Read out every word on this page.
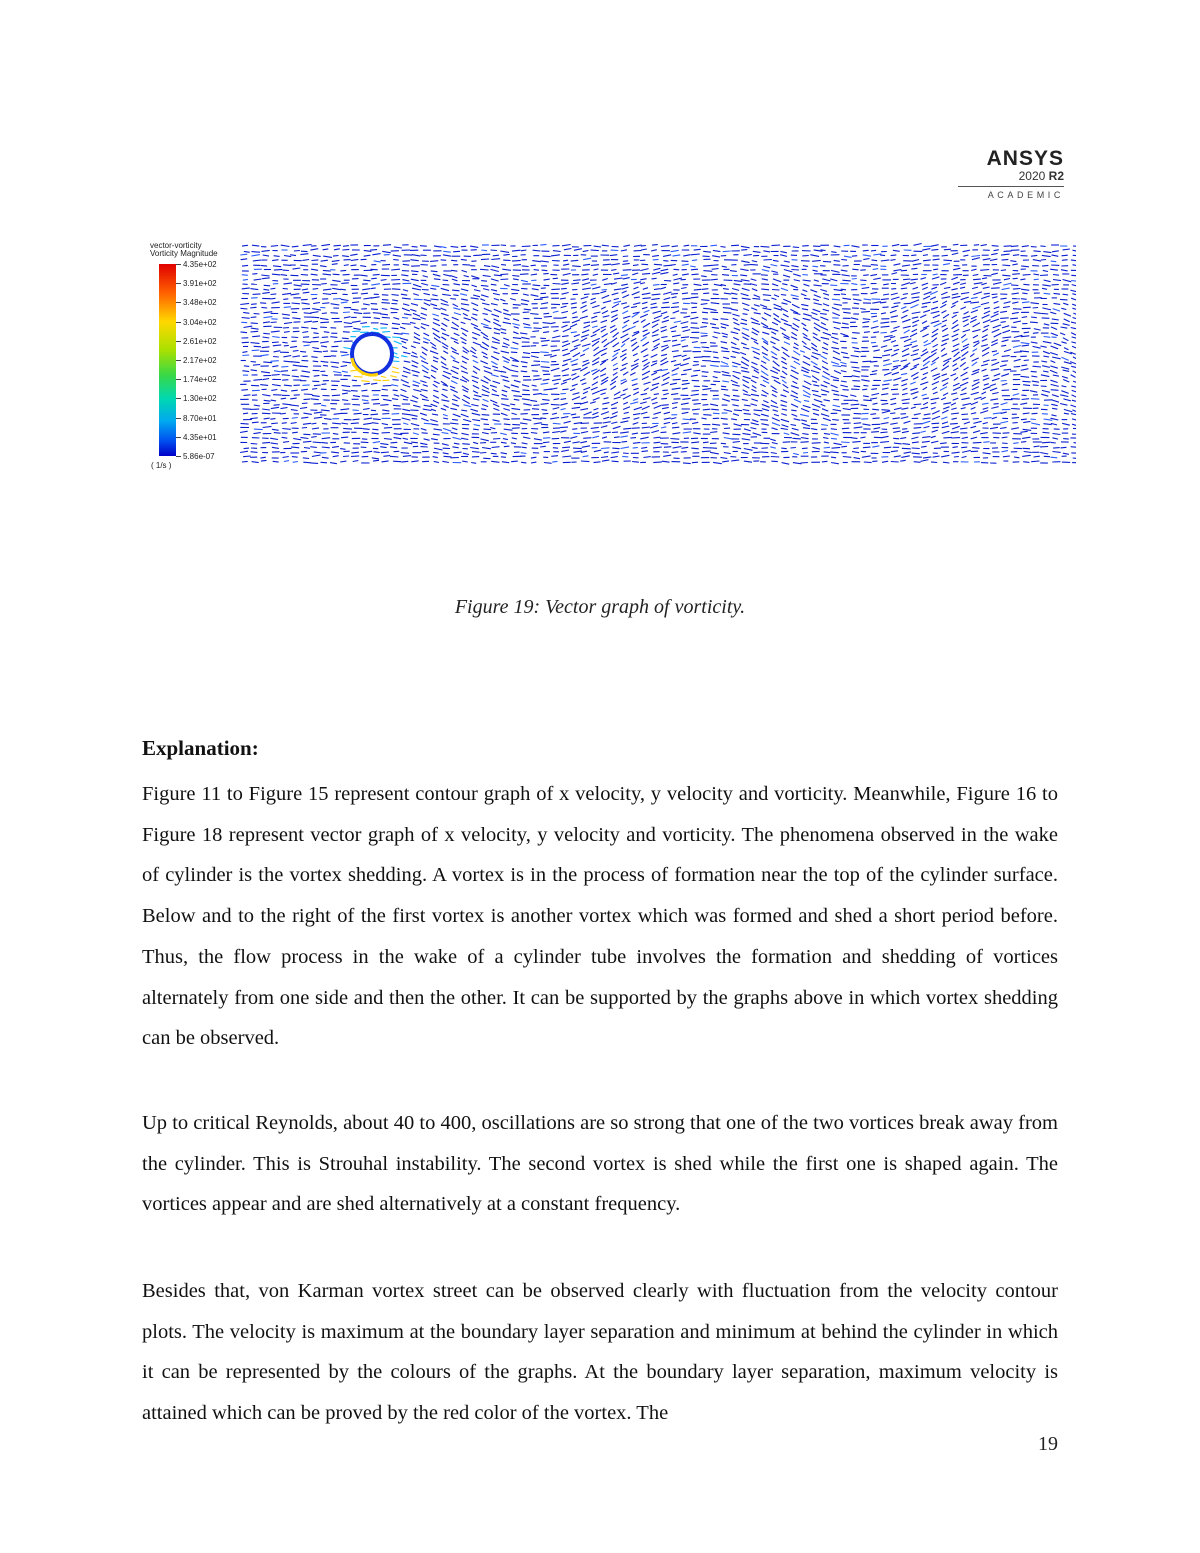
ANSYS
2020 R2
ACADEMIC
vector-vorticity
Vorticity Magnitude
4.35e+02
3.91e+02
3.48e+02
3.04e+02
2.61e+02
2.17e+02
1.74e+02
1.30e+02
8.70e+01
4.35e+01
5.86e-07
( 1/s )
Figure 19: Vector graph of vorticity.
Explanation:

Figure 11 to Figure 15 represent contour graph of x velocity, y velocity and vorticity. Meanwhile, Figure 16 to Figure 18 represent vector graph of x velocity, y velocity and vorticity. The phenomena observed in the wake of cylinder is the vortex shedding. A vortex is in the process of formation near the top of the cylinder surface. Below and to the right of the first vortex is another vortex which was formed and shed a short period before. Thus, the flow process in the wake of a cylinder tube involves the formation and shedding of vortices alternately from one side and then the other. It can be supported by the graphs above in which vortex shedding can be observed.

Up to critical Reynolds, about 40 to 400, oscillations are so strong that one of the two vortices break away from the cylinder. This is Strouhal instability. The second vortex is shed while the first one is shaped again. The vortices appear and are shed alternatively at a constant frequency.

Besides that, von Karman vortex street can be observed clearly with fluctuation from the velocity contour plots. The velocity is maximum at the boundary layer separation and minimum at behind the cylinder in which it can be represented by the colours of the graphs. At the boundary layer separation, maximum velocity is attained which can be proved by the red color of the vortex. The

19
